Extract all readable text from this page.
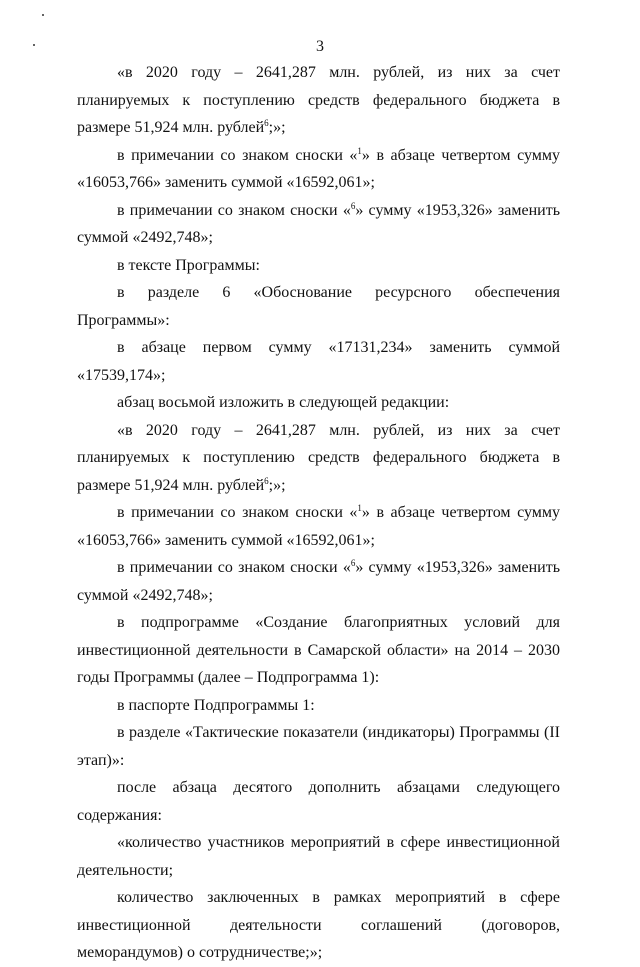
3

«в 2020 году – 2641,287 млн. рублей, из них за счет планируемых к поступлению средств федерального бюджета в размере 51,924 млн. рублей$^6$;»;

в примечании со знаком сноски «$^1$» в абзаце четвертом сумму «16053,766» заменить суммой «16592,061»;

в примечании со знаком сноски «$^6$» сумму «1953,326» заменить суммой «2492,748»;

в тексте Программы:

в разделе 6 «Обоснование ресурсного обеспечения Программы»:

в абзаце первом сумму «17131,234» заменить суммой «17539,174»;

абзац восьмой изложить в следующей редакции:

«в 2020 году – 2641,287 млн. рублей, из них за счет планируемых к поступлению средств федерального бюджета в размере 51,924 млн. рублей$^6$;»;

в примечании со знаком сноски «$^1$» в абзаце четвертом сумму «16053,766» заменить суммой «16592,061»;

в примечании со знаком сноски «$^6$» сумму «1953,326» заменить суммой «2492,748»;

в подпрограмме «Создание благоприятных условий для инвестиционной деятельности в Самарской области» на 2014 – 2030 годы Программы (далее – Подпрограмма 1):

в паспорте Подпрограммы 1:

в разделе «Тактические показатели (индикаторы) Программы (II этап)»:

после абзаца десятого дополнить абзацами следующего содержания:

«количество участников мероприятий в сфере инвестиционной деятельности;

количество заключенных в рамках мероприятий в сфере инвестиционной деятельности соглашений (договоров, меморандумов) о сотрудничестве;»;
